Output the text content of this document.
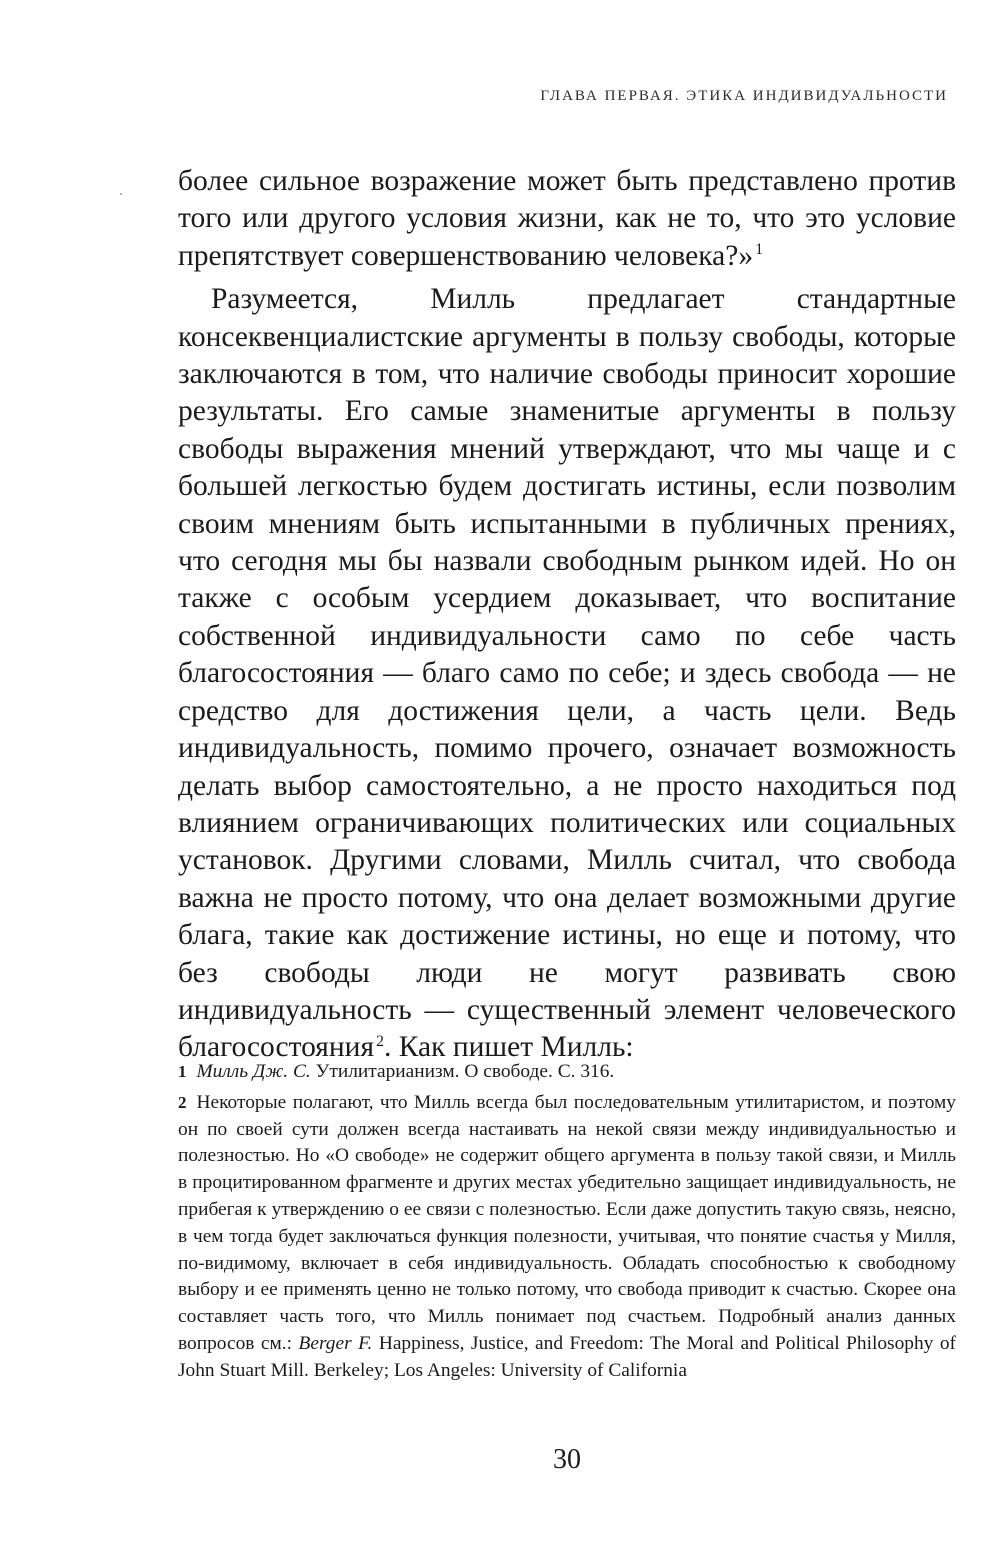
ГЛАВА ПЕРВАЯ. ЭТИКА ИНДИВИДУАЛЬНОСТИ

более сильное возражение может быть представлено против того или другого условия жизни, как не то, что это условие препятствует совершенствованию человека?» $^1$

Разумеется, Милль предлагает стандартные консеквенциалистские аргументы в пользу свободы, которые заключаются в том, что наличие свободы приносит хорошие результаты. Его самые знаменитые аргументы в пользу свободы выражения мнений утверждают, что мы чаще и с большей легкостью будем достигать истины, если позволим своим мнениям быть испытанными в публичных прениях, что сегодня мы бы назвали свободным рынком идей. Но он также с особым усердием доказывает, что воспитание собственной индивидуальности само по себе часть благосостояния — благо само по себе; и здесь свобода — не средство для достижения цели, а часть цели. Ведь индивидуальность, помимо прочего, означает возможность делать выбор самостоятельно, а не просто находиться под влиянием ограничивающих политических или социальных установок. Другими словами, Милль считал, что свобода важна не просто потому, что она делает возможными другие блага, такие как достижение истины, но еще и потому, что без свободы люди не могут развивать свою индивидуальность — существенный элемент человеческого благосостояния $^2$. Как пишет Милль:

1 Милль Дж. С. Утилитарианизм. О свободе. С. 316.

2 Некоторые полагают, что Милль всегда был последовательным утилитаристом, и поэтому он по своей сути должен всегда настаивать на некой связи между индивидуальностью и полезностью. Но «О свободе» не содержит общего аргумента в пользу такой связи, и Милль в процитированном фрагменте и других местах убедительно защищает индивидуальность, не прибегая к утверждению о ее связи с полезностью. Если даже допустить такую связь, неясно, в чем тогда будет заключаться функция полезности, учитывая, что понятие счастья у Милля, по-видимому, включает в себя индивидуальность. Обладать способностью к свободному выбору и ее применять ценно не только потому, что свобода приводит к счастью. Скорее она составляет часть того, что Милль понимает под счастьем. Подробный анализ данных вопросов см.: Berger F. Happiness, Justice, and Freedom: The Moral and Political Philosophy of John Stuart Mill. Berkeley; Los Angeles: University of California

30
